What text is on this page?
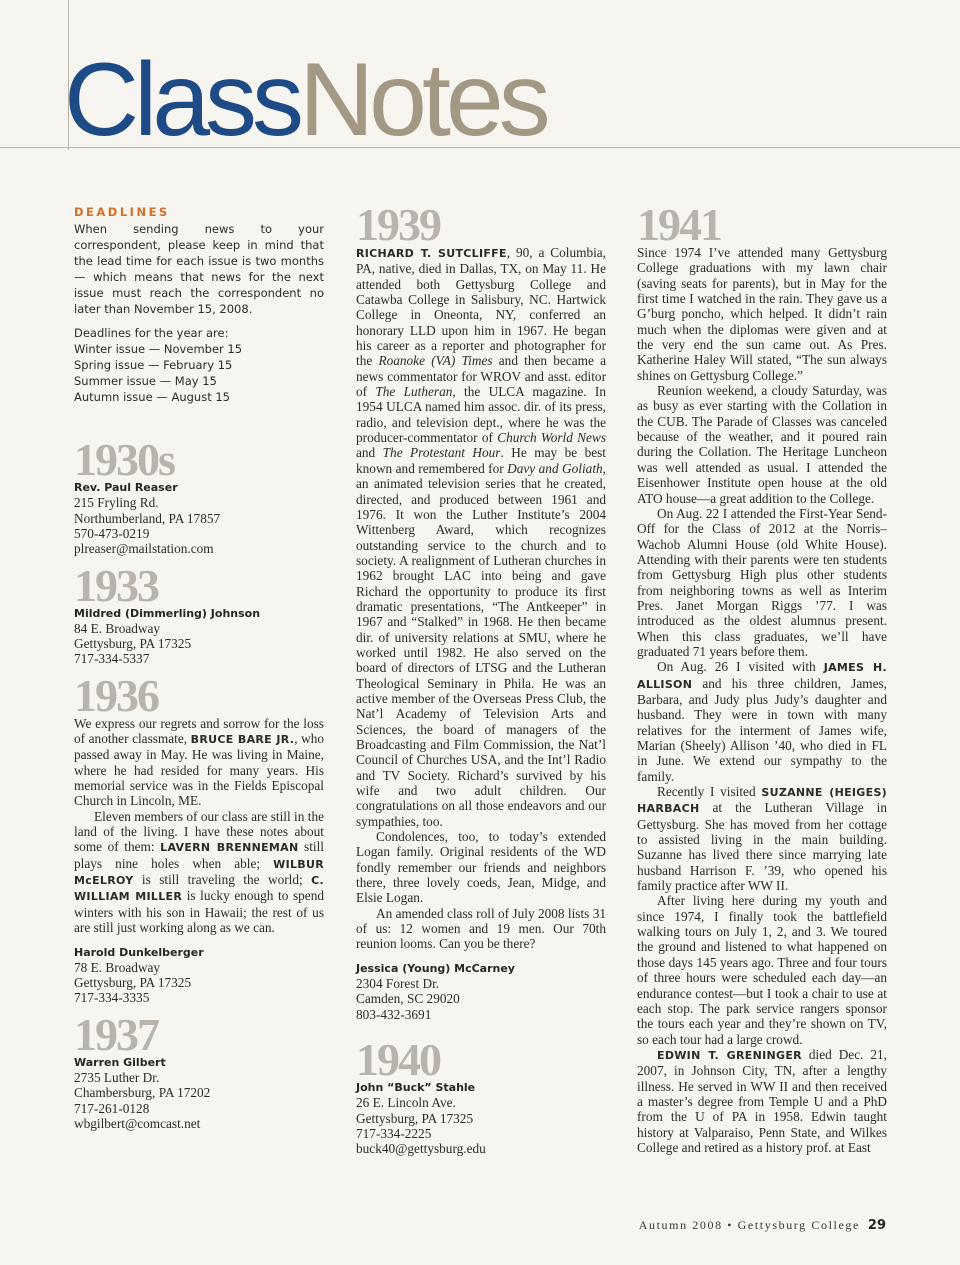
ClassNotes

DEADLINES

When sending news to your correspondent, please keep in mind that the lead time for each issue is two months — which means that news for the next issue must reach the correspondent no later than November 15, 2008.

Deadlines for the year are:

Winter issue — November 15
Spring issue — February 15
Summer issue — May 15
Autumn issue — August 15
1930s

Rev. Paul Reaser

215 Fryling Rd.
Northumberland, PA 17857
570-473-0219
plreaser@mailstation.com
1933

Mildred (Dimmerling) Johnson

84 E. Broadway
Gettysburg, PA 17325
717-334-5337
1936

We express our regrets and sorrow for the loss of another classmate, BRUCE BARE JR., who passed away in May. He was living in Maine, where he had resided for many years. His memorial service was in the Fields Episcopal Church in Lincoln, ME.

Eleven members of our class are still in the land of the living. I have these notes about some of them: LAVERN BRENNEMAN still plays nine holes when able; WILBUR McELROY is still traveling the world; C. WILLIAM MILLER is lucky enough to spend winters with his son in Hawaii; the rest of us are still just working along as we can.

Harold Dunkelberger

78 E. Broadway
Gettysburg, PA 17325
717-334-3335
1937

Warren Gilbert

2735 Luther Dr.
Chambersburg, PA 17202
717-261-0128
wbgilbert@comcast.net
1939

RICHARD T. SUTCLIFFE, 90, a Columbia, PA, native, died in Dallas, TX, on May 11. He attended both Gettysburg College and Catawba College in Salisbury, NC. Hartwick College in Oneonta, NY, conferred an honorary LLD upon him in 1967. He began his career as a reporter and photographer for the Roanoke (VA) Times and then became a news commentator for WROV and asst. editor of The Lutheran, the ULCA magazine. In 1954 ULCA named him assoc. dir. of its press, radio, and television dept., where he was the producer-commentator of Church World News and The Protestant Hour. He may be best known and remembered for Davy and Goliath, an animated television series that he created, directed, and produced between 1961 and 1976. It won the Luther Institute’s 2004 Wittenberg Award, which recognizes outstanding service to the church and to society. A realignment of Lutheran churches in 1962 brought LAC into being and gave Richard the opportunity to produce its first dramatic presentations, “The Antkeeper” in 1967 and “Stalked” in 1968. He then became dir. of university relations at SMU, where he worked until 1982. He also served on the board of directors of LTSG and the Lutheran Theological Seminary in Phila. He was an active member of the Overseas Press Club, the Nat’l Academy of Television Arts and Sciences, the board of managers of the Broadcasting and Film Commission, the Nat’l Council of Churches USA, and the Int’l Radio and TV Society. Richard’s survived by his wife and two adult children. Our congratulations on all those endeavors and our sympathies, too.

Condolences, too, to today’s extended Logan family. Original residents of the WD fondly remember our friends and neighbors there, three lovely coeds, Jean, Midge, and Elsie Logan.

An amended class roll of July 2008 lists 31 of us: 12 women and 19 men. Our 70th reunion looms. Can you be there?

Jessica (Young) McCarney

2304 Forest Dr.
Camden, SC 29020
803-432-3691
1940

John “Buck” Stahle

26 E. Lincoln Ave.
Gettysburg, PA 17325
717-334-2225
buck40@gettysburg.edu
1941

Since 1974 I’ve attended many Gettysburg College graduations with my lawn chair (saving seats for parents), but in May for the first time I watched in the rain. They gave us a G’burg poncho, which helped. It didn’t rain much when the diplomas were given and at the very end the sun came out. As Pres. Katherine Haley Will stated, “The sun always shines on Gettysburg College.”

Reunion weekend, a cloudy Saturday, was as busy as ever starting with the Collation in the CUB. The Parade of Classes was canceled because of the weather, and it poured rain during the Collation. The Heritage Luncheon was well attended as usual. I attended the Eisenhower Institute open house at the old ATO house—a great addition to the College.

On Aug. 22 I attended the First-Year Send-Off for the Class of 2012 at the Norris–Wachob Alumni House (old White House). Attending with their parents were ten students from Gettysburg High plus other students from neighboring towns as well as Interim Pres. Janet Morgan Riggs ’77. I was introduced as the oldest alumnus present. When this class graduates, we’ll have graduated 71 years before them.

On Aug. 26 I visited with JAMES H. ALLISON and his three children, James, Barbara, and Judy plus Judy’s daughter and husband. They were in town with many relatives for the interment of James wife, Marian (Sheely) Allison ’40, who died in FL in June. We extend our sympathy to the family.

Recently I visited SUZANNE (HEIGES) HARBACH at the Lutheran Village in Gettysburg. She has moved from her cottage to assisted living in the main building. Suzanne has lived there since marrying late husband Harrison F. ’39, who opened his family practice after WW II.

After living here during my youth and since 1974, I finally took the battlefield walking tours on July 1, 2, and 3. We toured the ground and listened to what happened on those days 145 years ago. Three and four tours of three hours were scheduled each day—an endurance contest—but I took a chair to use at each stop. The park service rangers sponsor the tours each year and they’re shown on TV, so each tour had a large crowd.

EDWIN T. GRENINGER died Dec. 21, 2007, in Johnson City, TN, after a lengthy illness. He served in WW II and then received a master’s degree from Temple U and a PhD from the U of PA in 1958. Edwin taught history at Valparaiso, Penn State, and Wilkes College and retired as a history prof. at East

Autumn 2008 • Gettysburg College 29
